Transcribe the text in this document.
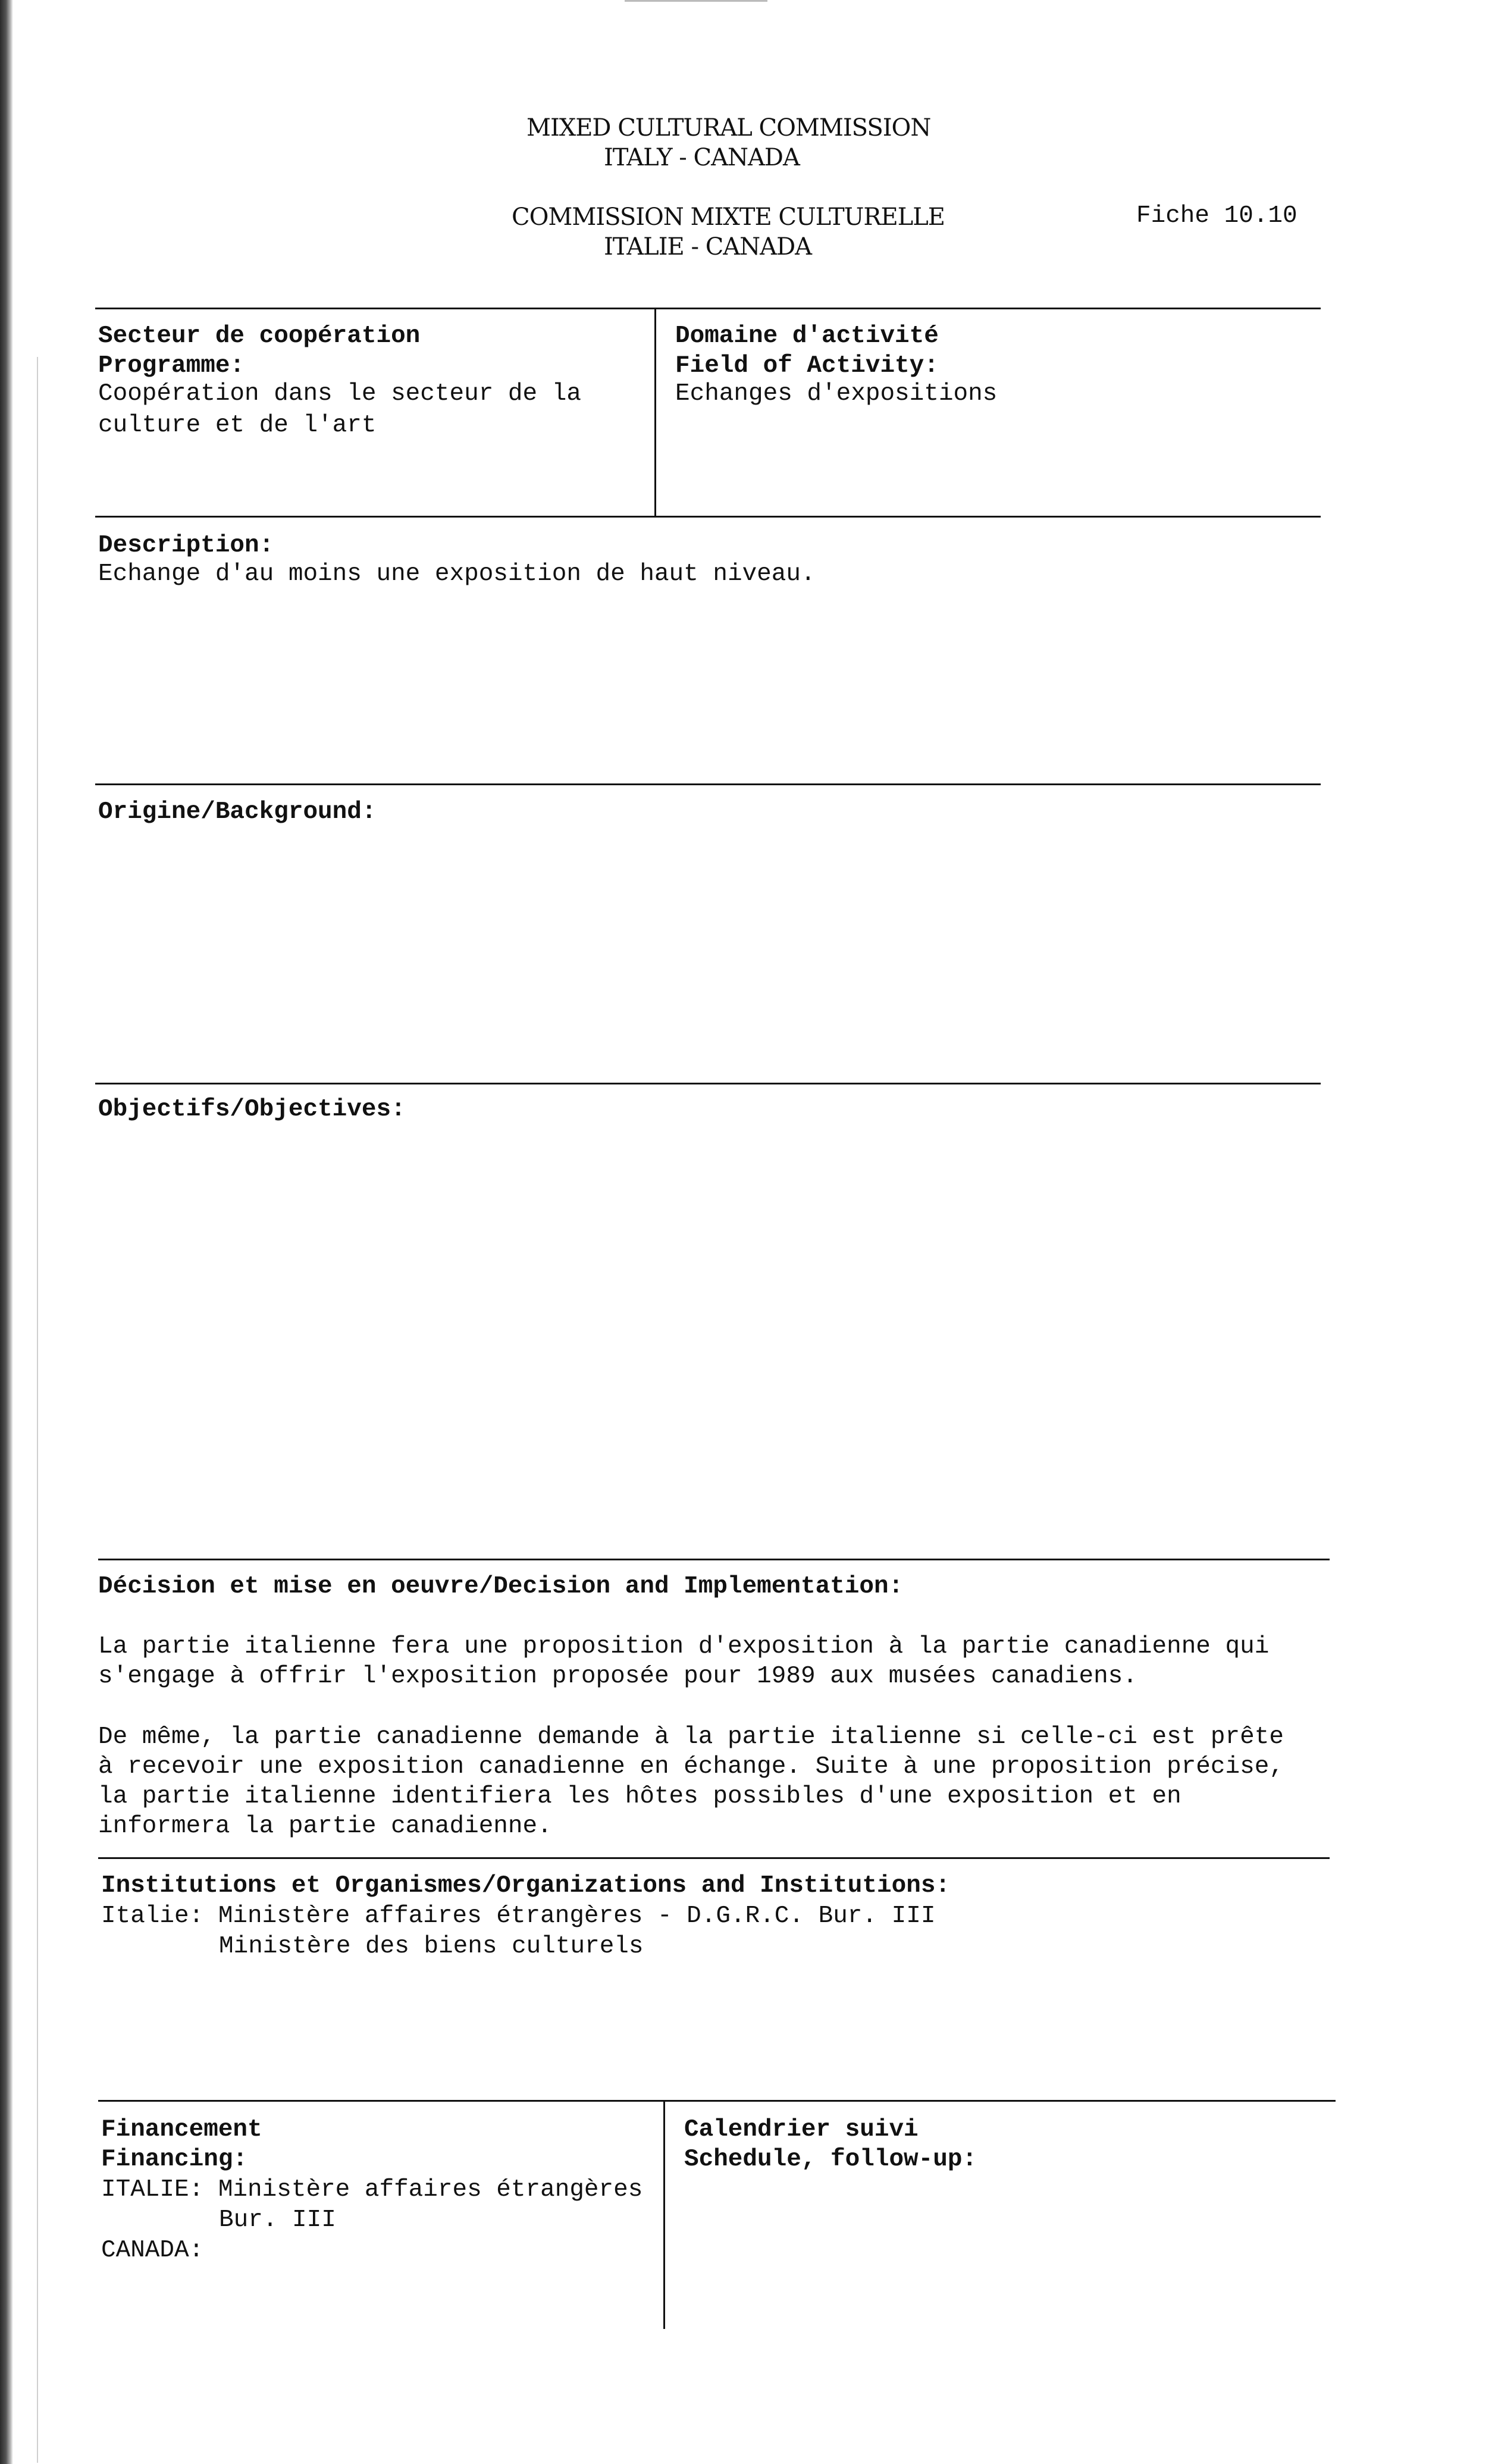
MIXED CULTURAL COMMISSION
ITALY - CANADA
COMMISSION MIXTE CULTURELLE
ITALIE - CANADA
Fiche 10.10
Secteur de coopération
Programme:
Coopération dans le secteur de la
culture et de l'art
Domaine d'activité
Field of Activity:
Echanges d'expositions
Description:
Echange d'au moins une exposition de haut niveau.
Origine/Background:
Objectifs/Objectives:
Décision et mise en oeuvre/Decision and Implementation:
La partie italienne fera une proposition d'exposition à la partie canadienne qui
s'engage à offrir l'exposition proposée pour 1989 aux musées canadiens.
De même, la partie canadienne demande à la partie italienne si celle-ci est prête
à recevoir une exposition canadienne en échange. Suite à une proposition précise,
la partie italienne identifiera les hôtes possibles d'une exposition et en
informera la partie canadienne.
Institutions et Organismes/Organizations and Institutions:
Italie: Ministère affaires étrangères - D.G.R.C. Bur. III
Ministère des biens culturels
Financement
Financing:
ITALIE: Ministère affaires étrangères
Bur. III
CANADA:
Calendrier suivi
Schedule, follow-up:
